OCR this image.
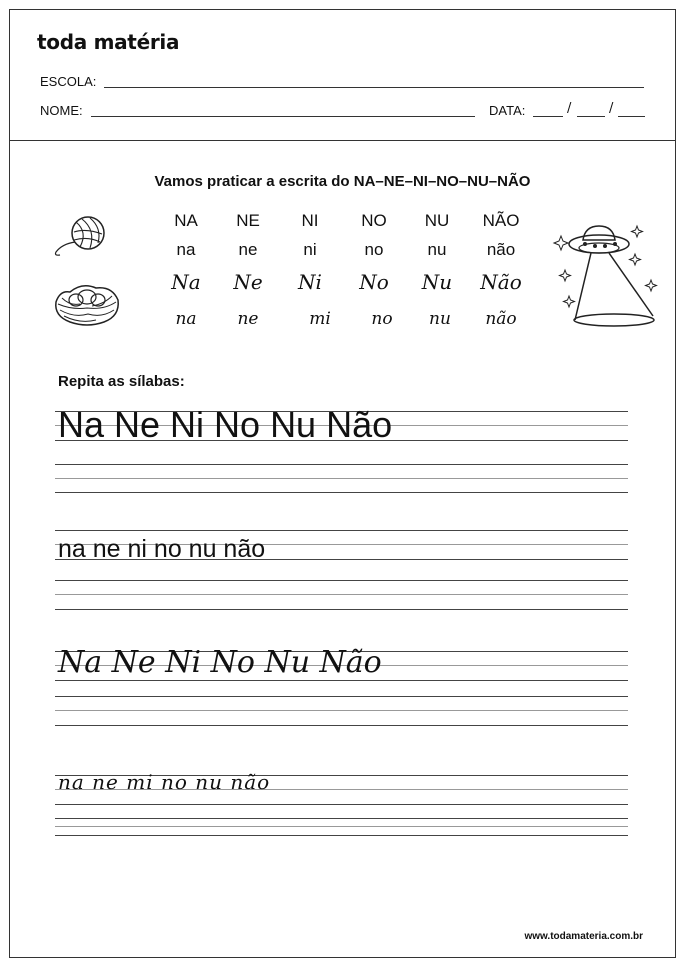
toda matéria
ESCOLA:
NOME:	DATA:	/	/
Vamos praticar a escrita do NA–NE–NI–NO–NU–NÃO
NA	NE	NI	NO	NU	NÃO
na	ne	ni	no	nu	não
Na	Ne	Ni	No	Nu	Não
na	ne	mi	no	nu	não
Repita as sílabas:
Na Ne Ni No Nu Não
na ne ni no nu não
Na Ne Ni No Nu Não
na ne mi no nu não
www.todamateria.com.br
